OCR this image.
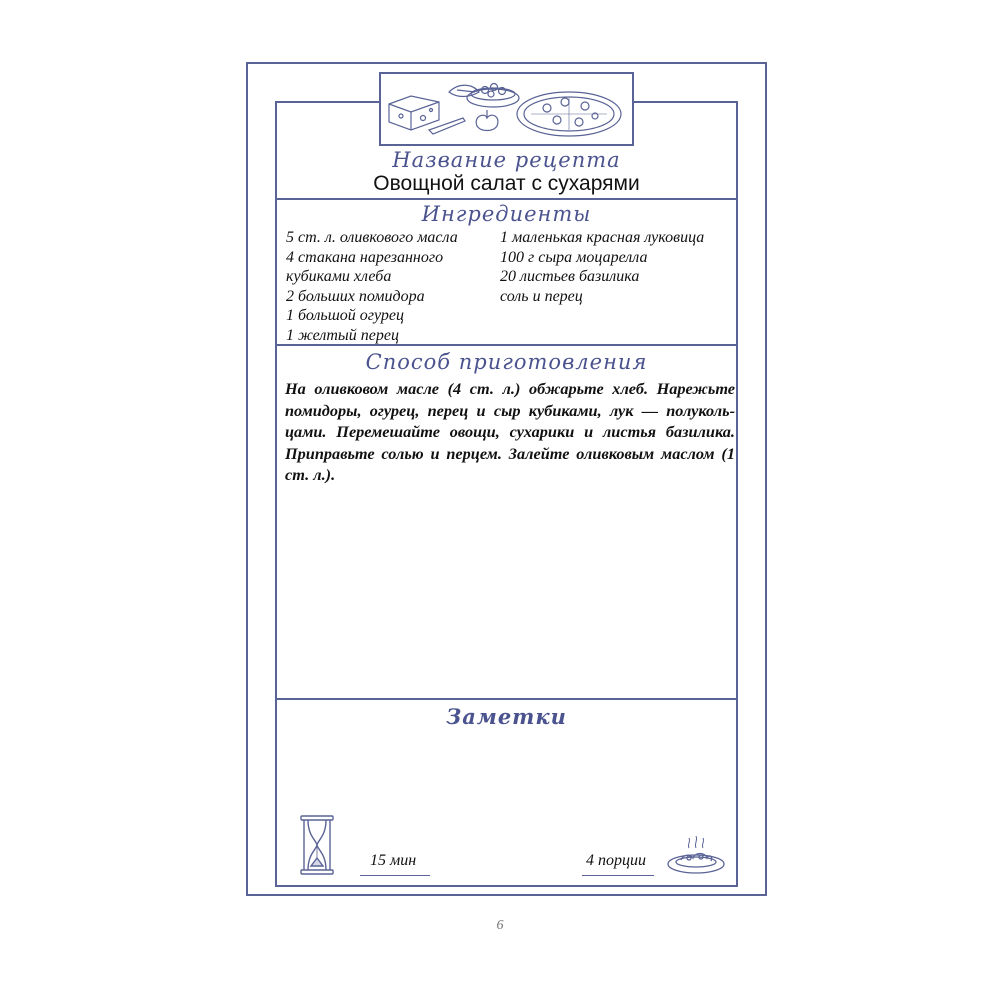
Название рецепта
Овощной салат с сухарями
Ингредиенты
5 ст. л. оливкового масла
4 стакана нарезанного
кубиками хлеба
2 больших помидора
1 большой огурец
1 желтый перец
1 маленькая красная луковица
100 г сыра моцарелла
20 листьев базилика
соль и перец
Способ приготовления

На оливковом масле (4 ст. л.) обжарьте хлеб. Нарежьте помидоры, огурец, перец и сыр кубиками, лук — полуколь-цами. Перемешайте овощи, сухарики и листья базилика. Приправьте солью и перцем. Залейте оливковым маслом (1 ст. л.).

Заметки
15 мин	4 порции
6
